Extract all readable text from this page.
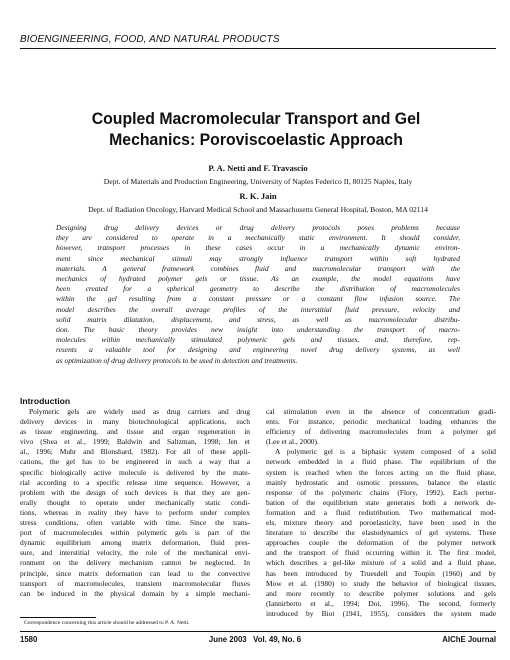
BIOENGINEERING, FOOD, AND NATURAL PRODUCTS
Coupled Macromolecular Transport and Gel
Mechanics: Poroviscoelastic Approach
P. A. Netti and F. Travascio
Dept. of Materials and Production Engineering, University of Naples Federico II, 80125 Naples, Italy
R. K. Jain
Dept. of Radiation Oncology, Harvard Medical School and Massachusetts General Hospital, Boston, MA 02114
Designing drug delivery devices or drug delivery protocols poses problems because
they are considered to operate in a mechanically static environment. It should consider,
however, transport processes in these cases occur in a mechanically dynamic environ-
ment since mechanical stimuli may strongly influence transport within soft hydrated
materials. A general framework combines fluid and macromolecular transport with the
mechanics of hydrated polymer gels or tissue. As an example, the model equations have
been created for a spherical geometry to describe the distribution of macromolecules
within the gel resulting from a constant pressure or a constant flow infusion source. The
model describes the overall average profiles of the interstitial fluid pressure, velocity and
solid matrix dilatation, displacement, and stress, as well as macromolecular distribu-
tion. The basic theory provides new insight into understanding the transport of macro-
molecules within mechanically stimulated polymeric gels and tissues, and, therefore, rep-
resents a valuable tool for designing and engineering novel drug delivery systems, as well
as optimization of drug delivery protocols to be used in detection and treatments.
Introduction
Polymeric gels are widely used as drug carriers and drug
delivery devices in many biotechnological applications, such
as tissue engineering, and tissue and organ regeneration in
vivo (Shea et al., 1999; Baldwin and Saltzman, 1998; Jen et
al., 1996; Muhr and Blonshard, 1982). For all of these appli-
cations, the gel has to be engineered in such a way that a
specific biologically active molecule is delivered by the mate-
rial according to a specific release time sequence. However, a
problem with the design of such devices is that they are gen-
erally thought to operate under mechanically static condi-
tions, whereas in reality they have to perform under complex
stress conditions, often variable with time. Since the trans-
port of macromolecules within polymeric gels is part of the
dynamic equilibrium among matrix deformation, fluid pres-
sure, and interstitial velocity, the role of the mechanical envi-
ronment on the delivery mechanism cannot be neglected. In
principle, since matrix deformation can lead to the convective
transport of macromolecules, transient macromolecular fluxes
can be induced in the physical domain by a simple mechani-
cal stimulation even in the absence of concentration gradi-
ents. For instance, periodic mechanical loading enhances the
efficiency of delivering macromolecules from a polymer gel
(Lee et al., 2000).
A polymeric gel is a biphasic system composed of a solid
network embedded in a fluid phase. The equilibrium of the
system is reached when the forces acting on the fluid phase,
mainly hydrostatic and osmotic pressures, balance the elastic
response of the polymeric chains (Flory, 1992). Each pertur-
bation of the equilibrium state generates both a network de-
formation and a fluid redistribution. Two mathematical mod-
els, mixture theory and poroelasticity, have been used in the
literature to describe the elastodynamics of gel systems. These
approaches couple the deformation of the polymer network
and the transport of fluid occurring within it. The first model,
which describes a gel-like mixture of a solid and a fluid phase,
has been introduced by Truesdell and Toupin (1960) and by
Mow et al. (1980) to study the behavior of biological tissues,
and more recently to describe polymer solutions and gels
(Iannirberto et al., 1994; Doi, 1996). The second, formerly
introduced by Biot (1941, 1955), considers the system made
Correspondence concerning this article should be addressed to P. A. Netti.
1580	June 2003   Vol. 49, No. 6	AIChE Journal
